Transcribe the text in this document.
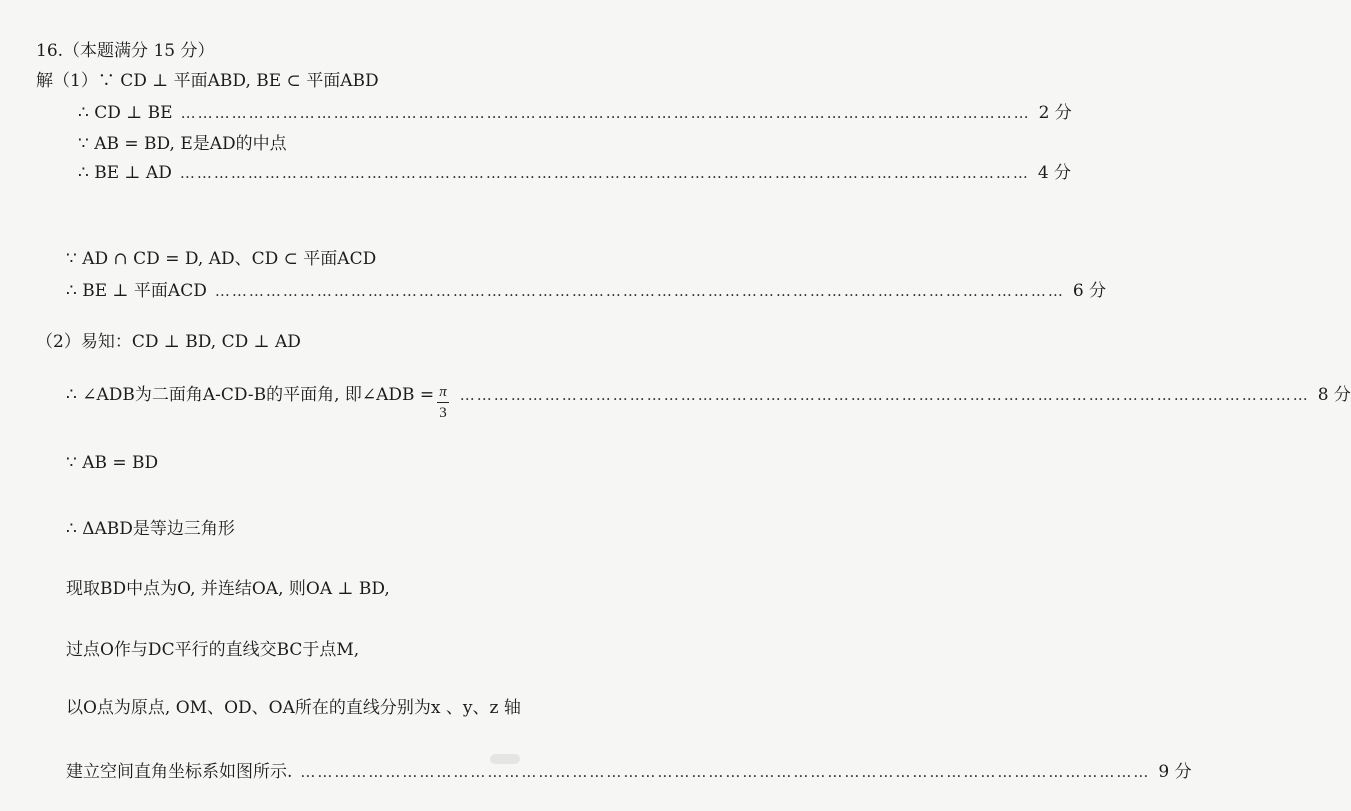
16.（本题满分 15 分）
解（1）∵ CD ⊥ 平面ABD, BE ⊂ 平面ABD
∴ CD ⊥ BE …………………………………………………………………………………………………………………………………… 2 分
∵ AB = BD, E是AD的中点
∴ BE ⊥ AD …………………………………………………………………………………………………………………………………… 4 分
∵ AD ∩ CD = D, AD、CD ⊂ 平面ACD
∴ BE ⊥ 平面ACD …………………………………………………………………………………………………………………………………… 6 分
（2）易知：CD ⊥ BD, CD ⊥ AD
∴ ∠ADB为二面角A-CD-B的平面角, 即∠ADB = $\frac{\pi}{3}$ …………………………………………………………………………………………………………………………………… 8 分
∵ AB = BD
∴ ΔABD是等边三角形
现取BD中点为O, 并连结OA, 则OA ⊥ BD,
过点O作与DC平行的直线交BC于点M,
以O点为原点, OM、OD、OA所在的直线分别为x 、y、z 轴
建立空间直角坐标系如图所示. …………………………………………………………………………………………………………………………………… 9 分
